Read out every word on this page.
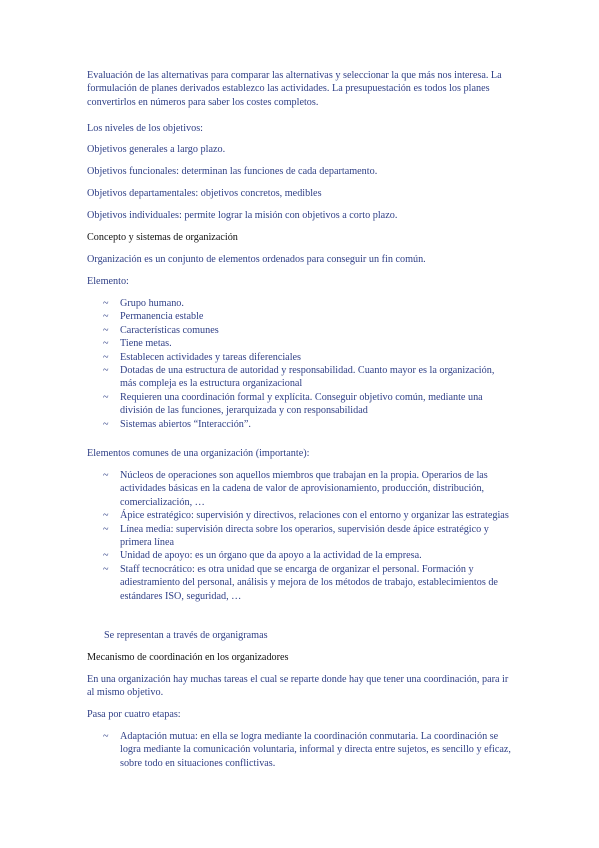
Evaluación de las alternativas para comparar las alternativas y seleccionar la que más nos interesa. La formulación de planes derivados establezco las actividades. La presupuestación es todos los planes convertirlos en números para saber los costes completos.

Los niveles de los objetivos:

Objetivos generales a largo plazo.

Objetivos funcionales: determinan las funciones de cada departamento.

Objetivos departamentales: objetivos concretos, medibles

Objetivos individuales: permite lograr la misión con objetivos a corto plazo.

Concepto y sistemas de organización

Organización es un conjunto de elementos ordenados para conseguir un fin común.

Elemento:

~ Grupo humano.
~ Permanencia estable
~ Características comunes
~ Tiene metas.
~ Establecen actividades y tareas diferenciales
~ Dotadas de una estructura de autoridad y responsabilidad. Cuanto mayor es la organización, más compleja es la estructura organizacional
~ Requieren una coordinación formal y explícita. Conseguir objetivo común, mediante una división de las funciones, jerarquizada y con responsabilidad
~ Sistemas abiertos “Interacción”.

Elementos comunes de una organización (importante):

~ Núcleos de operaciones son aquellos miembros que trabajan en la propia. Operarios de las actividades básicas en la cadena de valor de aprovisionamiento, producción, distribución, comercialización, …
~ Ápice estratégico: supervisión y directivos, relaciones con el entorno y organizar las estrategias
~ Línea media: supervisión directa sobre los operarios, supervisión desde ápice estratégico y primera línea
~ Unidad de apoyo: es un órgano que da apoyo a la actividad de la empresa.
~ Staff tecnocrático: es otra unidad que se encarga de organizar el personal. Formación y adiestramiento del personal, análisis y mejora de los métodos de trabajo, establecimientos de estándares ISO, seguridad, …

Se representan a través de organigramas

Mecanismo de coordinación en los organizadores

En una organización hay muchas tareas el cual se reparte donde hay que tener una coordinación, para ir al mismo objetivo.

Pasa por cuatro etapas:

~ Adaptación mutua: en ella se logra mediante la coordinación conmutaria. La coordinación se logra mediante la comunicación voluntaria, informal y directa entre sujetos, es sencillo y eficaz, sobre todo en situaciones conflictivas.
